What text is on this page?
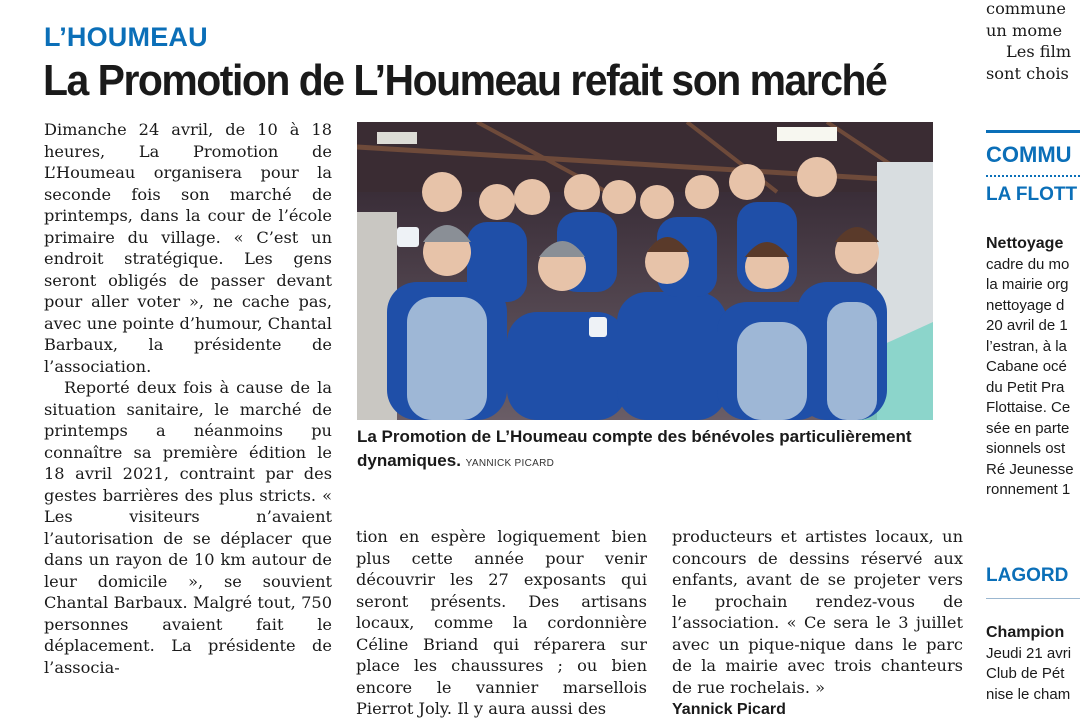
L’HOUMEAU
La Promotion de L’Houmeau refait son marché

Dimanche 24 avril, de 10 à 18 heures, La Promotion de L’Houmeau organisera pour la seconde fois son marché de printemps, dans la cour de l’école primaire du village. « C’est un endroit stratégique. Les gens seront obligés de passer devant pour aller voter », ne cache pas, avec une pointe d’humour, Chantal Barbaux, la présidente de l’association.

Reporté deux fois à cause de la situation sanitaire, le marché de printemps a néanmoins pu connaître sa première édition le 18 avril 2021, contraint par des gestes barrières des plus stricts. « Les visiteurs n’avaient l’autorisation de se déplacer que dans un rayon de 10 km autour de leur domicile », se souvient Chantal Barbaux. Malgré tout, 750 personnes avaient fait le déplacement. La présidente de l’associa-

La Promotion de L’Houmeau compte des bénévoles particulièrement dynamiques. YANNICK PICARD

tion en espère logiquement bien plus cette année pour venir découvrir les 27 exposants qui seront présents. Des artisans locaux, comme la cordonnière Céline Briand qui réparera sur place les chaussures ; ou bien encore le vannier marsellois Pierrot Joly. Il y aura aussi des

producteurs et artistes locaux, un concours de dessins réservé aux enfants, avant de se projeter vers le prochain rendez-vous de l’association. « Ce sera le 3 juillet avec un pique-nique dans le parc de la mairie avec trois chanteurs de rue rochelais. »

Yannick Picard
commune
un mome
Les film
sont chois
COMMU
LA FLOTT
Nettoyage
cadre du mo
la mairie org
nettoyage d
20 avril de 1
l’estran, à la
Cabane océ
du Petit Pra
Flottaise. Ce
sée en parte
sionnels ost
Ré Jeunesse
ronnement 1
LAGORD
Champion
Jeudi 21 avri
Club de Pét
nise le cham
